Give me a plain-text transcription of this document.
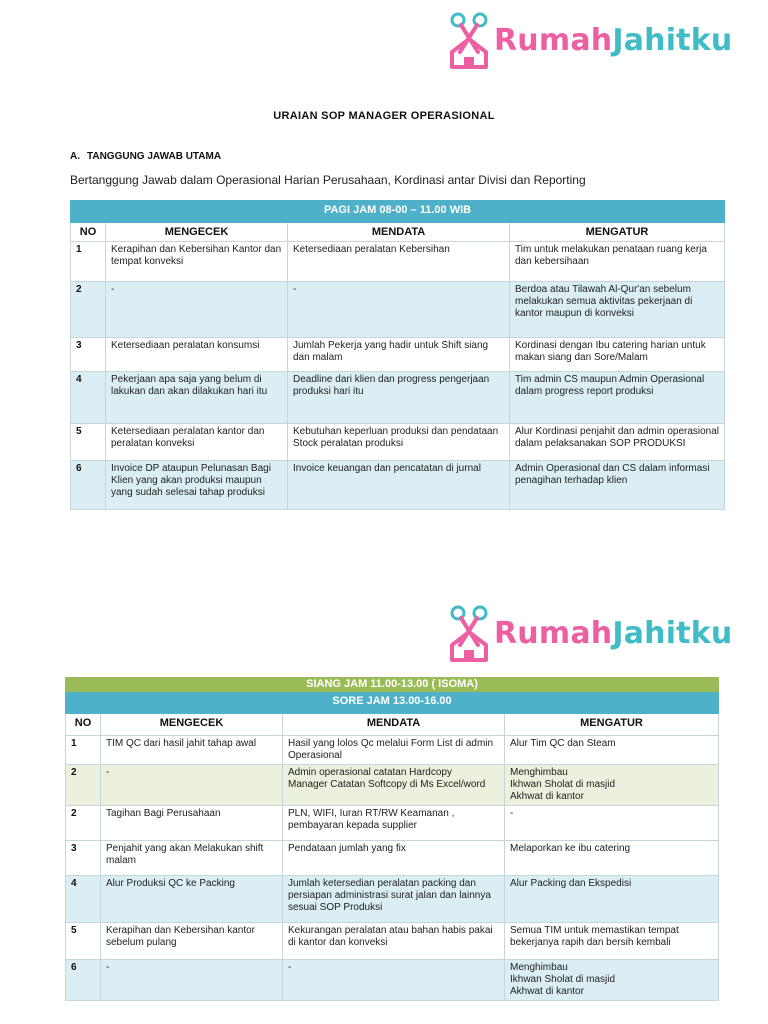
RumahJahitku
URAIAN SOP MANAGER OPERASIONAL
A. TANGGUNG JAWAB UTAMA
Bertanggung Jawab dalam Operasional Harian Perusahaan, Kordinasi antar Divisi dan Reporting
PAGI JAM 08-00 – 11.00 WIB			
NO	MENGECEK	MENDATA	MENGATUR
1	Kerapihan dan Kebersihan Kantor dan tempat konveksi	Ketersediaan peralatan Kebersihan	Tim untuk melakukan penataan ruang kerja dan kebersihaan
2	-	-	Berdoa atau Tilawah Al-Qur'an sebelum melakukan semua aktivitas pekerjaan di kantor maupun di konveksi
3	Ketersediaan peralatan konsumsi	Jumlah Pekerja yang hadir untuk Shift siang dan malam	Kordinasi dengan Ibu catering harian untuk makan siang dan Sore/Malam
4	Pekerjaan apa saja yang belum di lakukan dan akan dilakukan hari itu	Deadline dari klien dan progress pengerjaan produksi hari itu	Tim admin CS maupun Admin Operasional dalam progress report produksi
5	Ketersediaan peralatan kantor dan peralatan konveksi	Kebutuhan keperluan produksi dan pendataan Stock peralatan produksi	Alur Kordinasi penjahit dan admin operasional dalam pelaksanakan SOP PRODUKSI
6	Invoice DP ataupun Pelunasan Bagi Klien yang akan produksi maupun yang sudah selesai tahap produksi	Invoice keuangan dan pencatatan di jurnal	Admin Operasional dan CS dalam informasi penagihan terhadap klien
RumahJahitku
SIANG JAM 11.00-13.00 ( ISOMA)			
SORE JAM 13.00-16.00			
NO	MENGECEK	MENDATA	MENGATUR
1	TIM QC dari hasil jahit tahap awal	Hasil yang lolos Qc melalui Form List di admin Operasional	Alur Tim QC dan Steam
2	-	Admin operasional catatan Hardcopy
Manager Catatan Softcopy di Ms Excel/word	Menghimbau
Ikhwan Sholat di masjid
Akhwat di kantor
2	Tagihan Bagi Perusahaan	PLN, WIFI, Iuran RT/RW Keamanan ,
pembayaran kepada supplier	-
3	Penjahit yang akan Melakukan shift malam	Pendataan jumlah yang fix	Melaporkan ke ibu catering
4	Alur Produksi QC ke Packing	Jumlah ketersedian peralatan packing dan persiapan administrasi surat jalan dan lainnya sesuai SOP Produksi	Alur Packing dan Ekspedisi
5	Kerapihan dan Kebersihan kantor sebelum pulang	Kekurangan peralatan atau bahan habis pakai di kantor dan konveksi	Semua TIM untuk memastikan tempat bekerjanya rapih dan bersih kembali
6	-	-	Menghimbau
Ikhwan Sholat di masjid
Akhwat di kantor
